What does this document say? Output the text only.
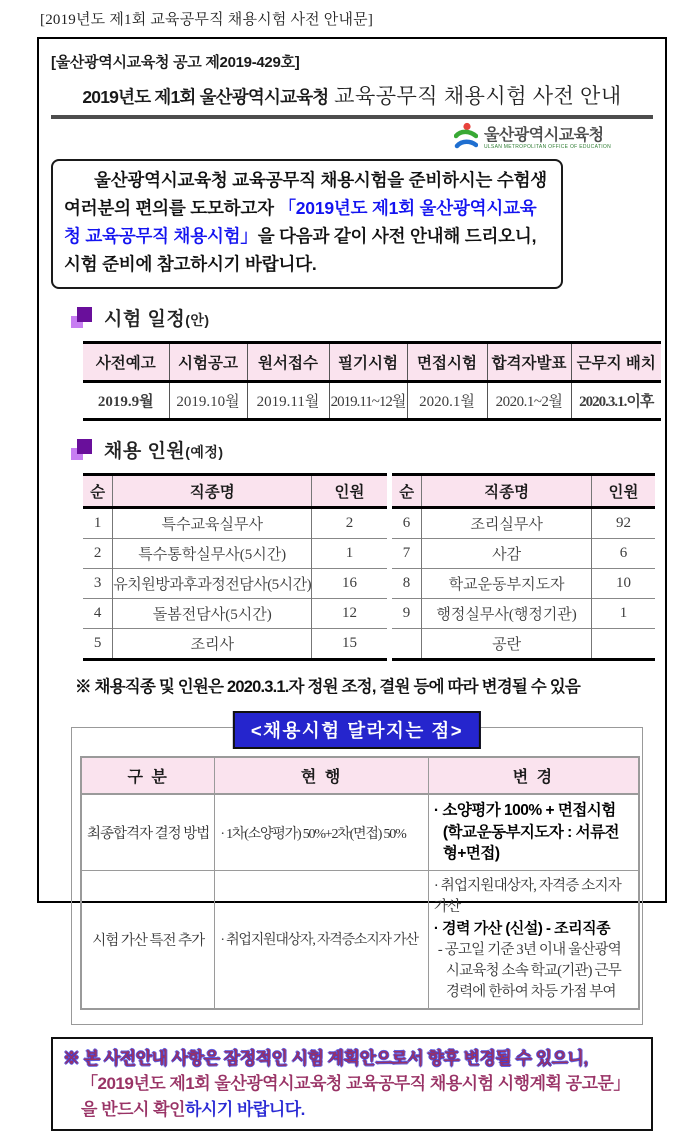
[2019년도 제1회 교육공무직 채용시험 사전 안내문]
[울산광역시교육청 공고 제2019-429호]
2019년도 제1회 울산광역시교육청 교육공무직 채용시험 사전 안내
울산광역시교육청
ULSAN METROPOLITAN OFFICE OF EDUCATION

울산광역시교육청 교육공무직 채용시험을 준비하시는 수험생 여러분의 편의를 도모하고자 「2019년도 제1회 울산광역시교육청 교육공무직 채용시험」을 다음과 같이 사전 안내해 드리오니, 시험 준비에 참고하시기 바랍니다.

시험 일정(안)
사전예고	시험공고	원서접수	필기시험	면접시험	합격자발표	근무지 배치
2019.9월	2019.10월	2019.11월	2019.11~12월	2020.1월	2020.1~2월	2020.3.1.이후
채용 인원(예정)
순	직종명	인원
1	특수교육실무사	2
2	특수통학실무사(5시간)	1
3	유치원방과후과정전담사(5시간)	16
4	돌봄전담사(5시간)	12
5	조리사	15
순	직종명	인원
6	조리실무사	92
7	사감	6
8	학교운동부지도자	10
9	행정실무사(행정기관)	1
	공란	
※ 채용직종 및 인원은 2020.3.1.자 정원 조정, 결원 등에 따라 변경될 수 있음
<채용시험 달라지는 점>
구 분	현 행	변 경
최종합격자 결정 방법	· 1차(소양평가) 50%+2차(면접) 50%	· 소양평가 100% + 면접시험
(학교운동부지도자 : 서류전형+면접)

시험 가산 특전 추가	· 취업지원대상자, 자격증소지자 가산	· 취업지원대상자, 자격증 소지자 가산
· 경력 가산 (신설) - 조리직종
- 공고일 기준 3년 이내 울산광역시교육청 소속 학교(기관) 근무 경력에 한하여 차등 가점 부여

※ 본 사전안내 사항은 잠정적인 시험 계획안으로서 향후 변경될 수 있으니,

「2019년도 제1회 울산광역시교육청 교육공무직 채용시험 시행계획 공고문」을 반드시 확인하시기 바랍니다.
